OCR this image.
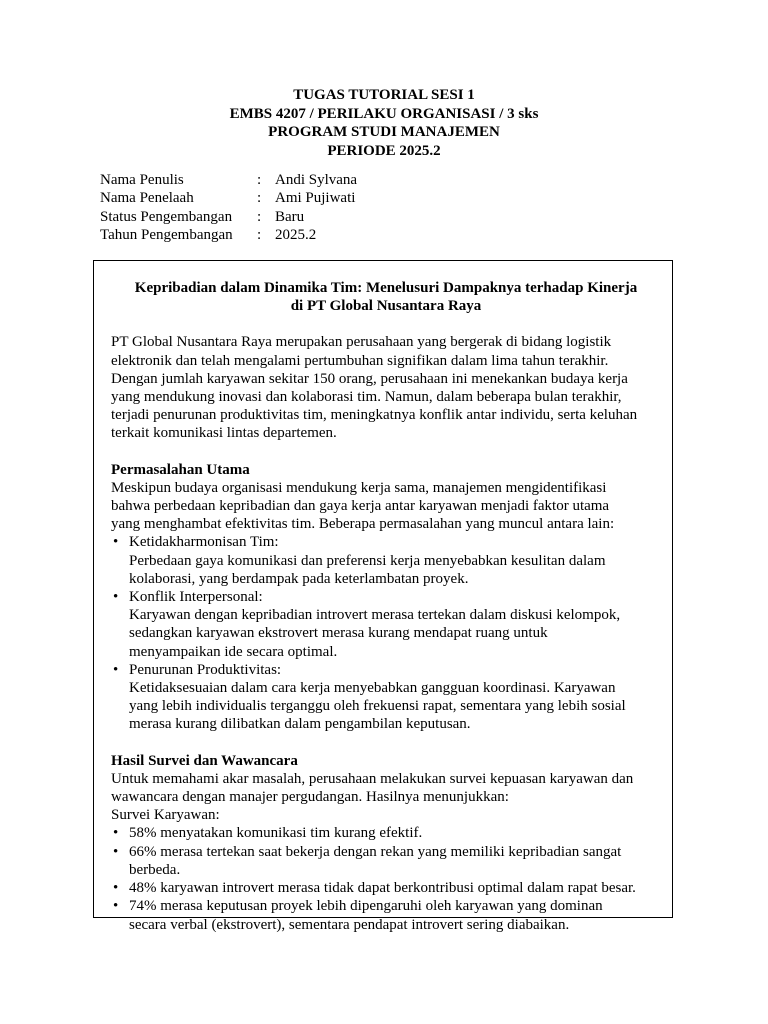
TUGAS TUTORIAL SESI 1
EMBS 4207 / PERILAKU ORGANISASI / 3 sks
PROGRAM STUDI MANAJEMEN
PERIODE 2025.2
Nama Penulis	: Andi Sylvana
Nama Penelaah	: Ami Pujiwati
Status Pengembangan	: Baru
Tahun Pengembangan	: 2025.2
Kepribadian dalam Dinamika Tim: Menelusuri Dampaknya terhadap Kinerja
di PT Global Nusantara Raya
PT Global Nusantara Raya merupakan perusahaan yang bergerak di bidang logistik
elektronik dan telah mengalami pertumbuhan signifikan dalam lima tahun terakhir.
Dengan jumlah karyawan sekitar 150 orang, perusahaan ini menekankan budaya kerja
yang mendukung inovasi dan kolaborasi tim. Namun, dalam beberapa bulan terakhir,
terjadi penurunan produktivitas tim, meningkatnya konflik antar individu, serta keluhan
terkait komunikasi lintas departemen.
Permasalahan Utama
Meskipun budaya organisasi mendukung kerja sama, manajemen mengidentifikasi
bahwa perbedaan kepribadian dan gaya kerja antar karyawan menjadi faktor utama
yang menghambat efektivitas tim. Beberapa permasalahan yang muncul antara lain:
• Ketidakharmonisan Tim:
Perbedaan gaya komunikasi dan preferensi kerja menyebabkan kesulitan dalam
kolaborasi, yang berdampak pada keterlambatan proyek.
• Konflik Interpersonal:
Karyawan dengan kepribadian introvert merasa tertekan dalam diskusi kelompok,
sedangkan karyawan ekstrovert merasa kurang mendapat ruang untuk
menyampaikan ide secara optimal.
• Penurunan Produktivitas:
Ketidaksesuaian dalam cara kerja menyebabkan gangguan koordinasi. Karyawan
yang lebih individualis terganggu oleh frekuensi rapat, sementara yang lebih sosial
merasa kurang dilibatkan dalam pengambilan keputusan.
Hasil Survei dan Wawancara
Untuk memahami akar masalah, perusahaan melakukan survei kepuasan karyawan dan
wawancara dengan manajer pergudangan. Hasilnya menunjukkan:
Survei Karyawan:
• 58% menyatakan komunikasi tim kurang efektif.
• 66% merasa tertekan saat bekerja dengan rekan yang memiliki kepribadian sangat
berbeda.
• 48% karyawan introvert merasa tidak dapat berkontribusi optimal dalam rapat besar.
• 74% merasa keputusan proyek lebih dipengaruhi oleh karyawan yang dominan
secara verbal (ekstrovert), sementara pendapat introvert sering diabaikan.
